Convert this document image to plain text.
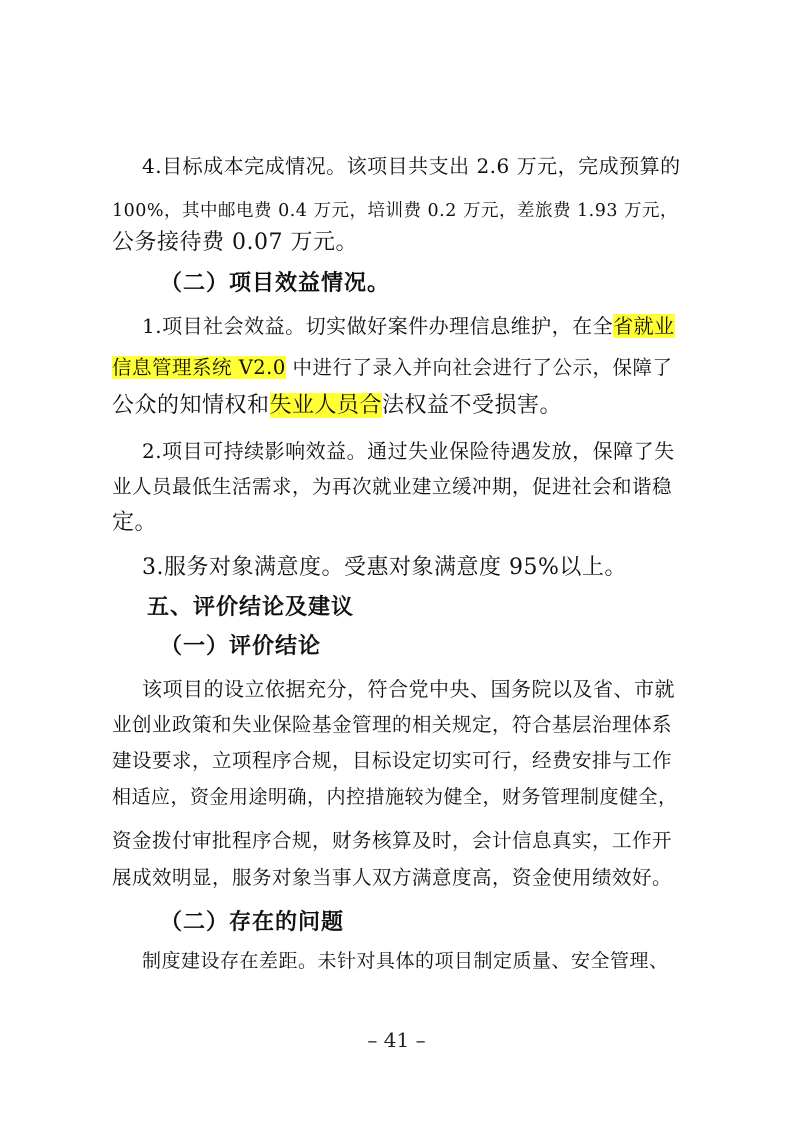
4.目标成本完成情况。该项目共支出 2.6 万元，完成预算的
100%，其中邮电费 0.4 万元，培训费 0.2 万元，差旅费 1.93 万元，
公务接待费 0.07 万元。
（二）项目效益情况。
1.项目社会效益。切实做好案件办理信息维护，在全省就业
信息管理系统 V2.0 中进行了录入并向社会进行了公示，保障了
公众的知情权和失业人员合法权益不受损害。
2.项目可持续影响效益。通过失业保险待遇发放，保障了失
业人员最低生活需求，为再次就业建立缓冲期，促进社会和谐稳
定。
3.服务对象满意度。受惠对象满意度 95%以上。
五、评价结论及建议
（一）评价结论
该项目的设立依据充分，符合党中央、国务院以及省、市就
业创业政策和失业保险基金管理的相关规定，符合基层治理体系
建设要求，立项程序合规，目标设定切实可行，经费安排与工作
相适应，资金用途明确，内控措施较为健全，财务管理制度健全，
资金拨付审批程序合规，财务核算及时，会计信息真实，工作开
展成效明显，服务对象当事人双方满意度高，资金使用绩效好。
（二）存在的问题
制度建设存在差距。未针对具体的项目制定质量、安全管理、
– 41 –
